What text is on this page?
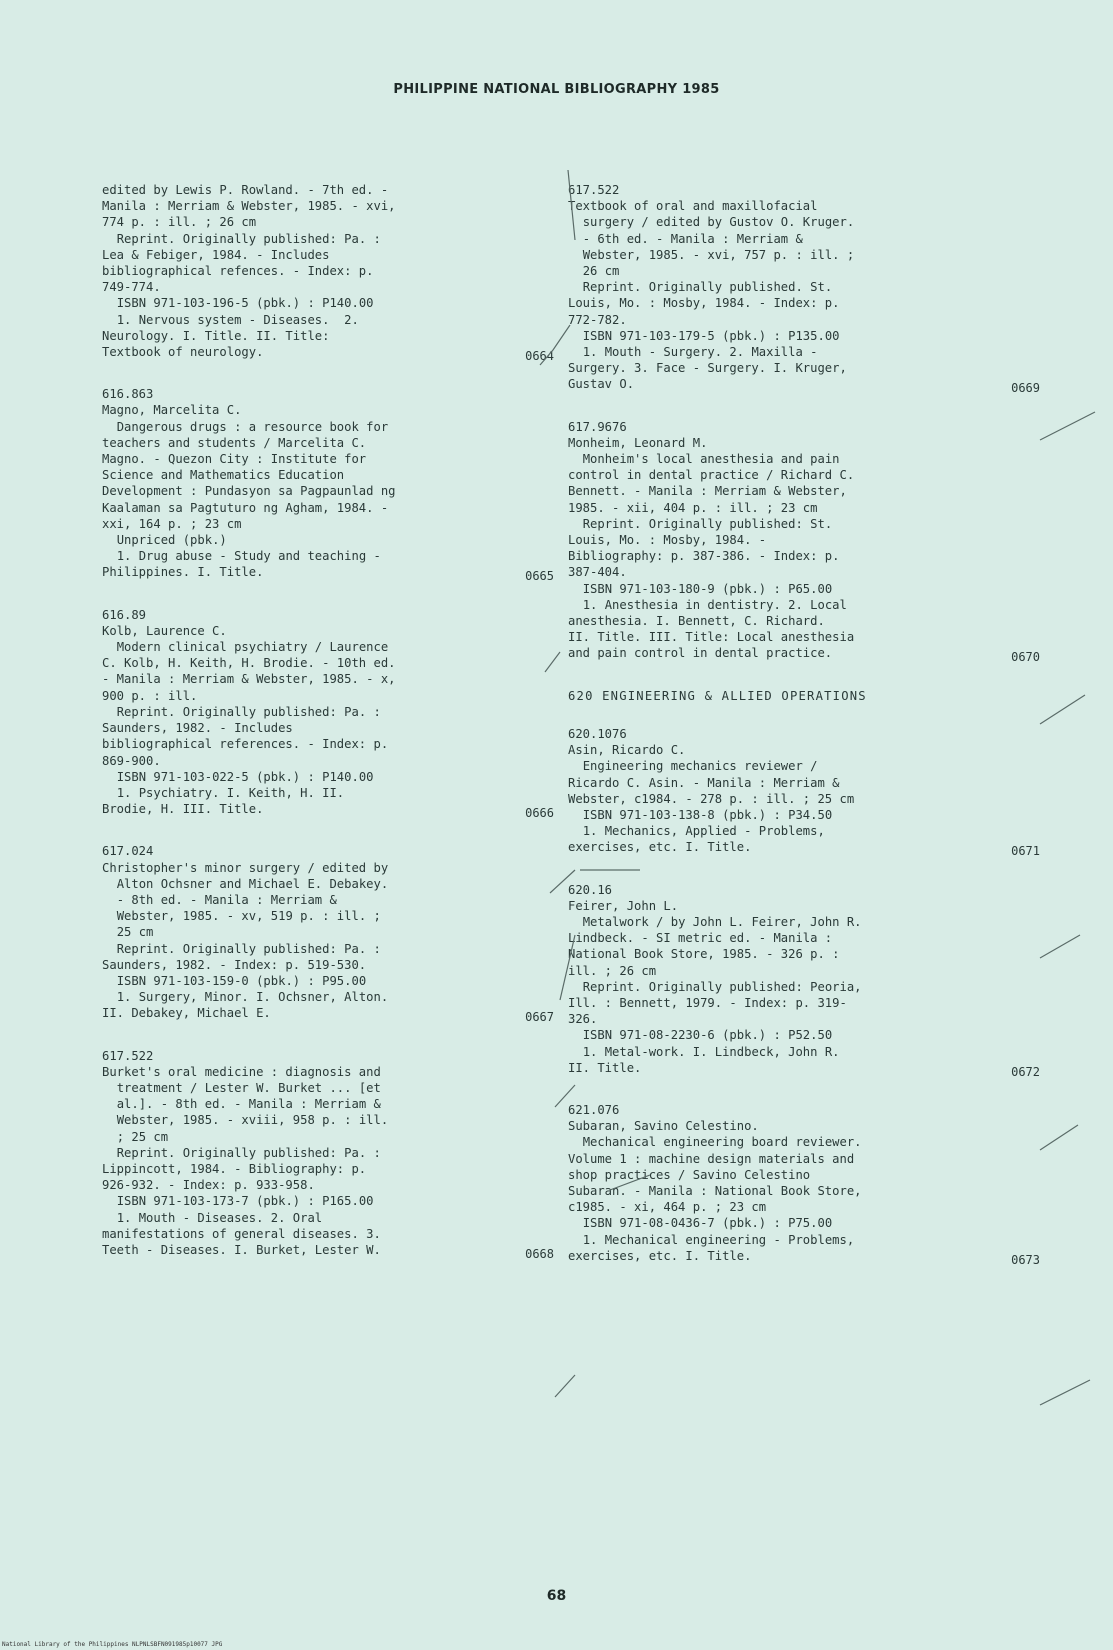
PHILIPPINE NATIONAL BIBLIOGRAPHY 1985
edited by Lewis P. Rowland. - 7th ed. -
Manila : Merriam & Webster, 1985. - xvi,
774 p. : ill. ; 26 cm
Reprint. Originally published: Pa. :
Lea & Febiger, 1984. - Includes
bibliographical refences. - Index: p.
749-774.
ISBN 971-103-196-5 (pbk.) : P140.00
1. Nervous system - Diseases.  2.
Neurology. I. Title. II. Title:
Textbook of neurology.	0664
616.863
Magno, Marcelita C.
Dangerous drugs : a resource book for
teachers and students / Marcelita C.
Magno. - Quezon City : Institute for
Science and Mathematics Education
Development : Pundasyon sa Pagpaunlad ng
Kaalaman sa Pagtuturo ng Agham, 1984. -
xxi, 164 p. ; 23 cm
Unpriced (pbk.)
1. Drug abuse - Study and teaching -
Philippines. I. Title.	0665
616.89
Kolb, Laurence C.
Modern clinical psychiatry / Laurence
C. Kolb, H. Keith, H. Brodie. - 10th ed.
- Manila : Merriam & Webster, 1985. - x,
900 p. : ill.
Reprint. Originally published: Pa. :
Saunders, 1982. - Includes
bibliographical references. - Index: p.
869-900.
ISBN 971-103-022-5 (pbk.) : P140.00
1. Psychiatry. I. Keith, H. II.
Brodie, H. III. Title.	0666
617.024
Christopher's minor surgery / edited by
Alton Ochsner and Michael E. Debakey.
- 8th ed. - Manila : Merriam &
Webster, 1985. - xv, 519 p. : ill. ;
25 cm
Reprint. Originally published: Pa. :
Saunders, 1982. - Index: p. 519-530.
ISBN 971-103-159-0 (pbk.) : P95.00
1. Surgery, Minor. I. Ochsner, Alton.
II. Debakey, Michael E.	0667
617.522
Burket's oral medicine : diagnosis and
treatment / Lester W. Burket ... [et
al.]. - 8th ed. - Manila : Merriam &
Webster, 1985. - xviii, 958 p. : ill.
; 25 cm
Reprint. Originally published: Pa. :
Lippincott, 1984. - Bibliography: p.
926-932. - Index: p. 933-958.
ISBN 971-103-173-7 (pbk.) : P165.00
1. Mouth - Diseases. 2. Oral
manifestations of general diseases. 3.
Teeth - Diseases. I. Burket, Lester W.	0668
617.522
Textbook of oral and maxillofacial
surgery / edited by Gustov O. Kruger.
- 6th ed. - Manila : Merriam &
Webster, 1985. - xvi, 757 p. : ill. ;
26 cm
Reprint. Originally published. St.
Louis, Mo. : Mosby, 1984. - Index: p.
772-782.
ISBN 971-103-179-5 (pbk.) : P135.00
1. Mouth - Surgery. 2. Maxilla -
Surgery. 3. Face - Surgery. I. Kruger,
Gustav O.	0669
617.9676
Monheim, Leonard M.
Monheim's local anesthesia and pain
control in dental practice / Richard C.
Bennett. - Manila : Merriam & Webster,
1985. - xii, 404 p. : ill. ; 23 cm
Reprint. Originally published: St.
Louis, Mo. : Mosby, 1984. -
Bibliography: p. 387-386. - Index: p.
387-404.
ISBN 971-103-180-9 (pbk.) : P65.00
1. Anesthesia in dentistry. 2. Local
anesthesia. I. Bennett, C. Richard.
II. Title. III. Title: Local anesthesia
and pain control in dental practice.	0670
620 ENGINEERING & ALLIED OPERATIONS
620.1076
Asin, Ricardo C.
Engineering mechanics reviewer /
Ricardo C. Asin. - Manila : Merriam &
Webster, c1984. - 278 p. : ill. ; 25 cm
ISBN 971-103-138-8 (pbk.) : P34.50
1. Mechanics, Applied - Problems,
exercises, etc. I. Title.	0671
620.16
Feirer, John L.
Metalwork / by John L. Feirer, John R.
Lindbeck. - SI metric ed. - Manila :
National Book Store, 1985. - 326 p. :
ill. ; 26 cm
Reprint. Originally published: Peoria,
Ill. : Bennett, 1979. - Index: p. 319-
326.
ISBN 971-08-2230-6 (pbk.) : P52.50
1. Metal-work. I. Lindbeck, John R.
II. Title.	0672
621.076
Subaran, Savino Celestino.
Mechanical engineering board reviewer.
Volume 1 : machine design materials and
shop practices / Savino Celestino
Subaran. - Manila : National Book Store,
c1985. - xi, 464 p. ; 23 cm
ISBN 971-08-0436-7 (pbk.) : P75.00
1. Mechanical engineering - Problems,
exercises, etc. I. Title.	0673
68
National Library of the Philippines NLPNLSBFN091985p10077 JPG
